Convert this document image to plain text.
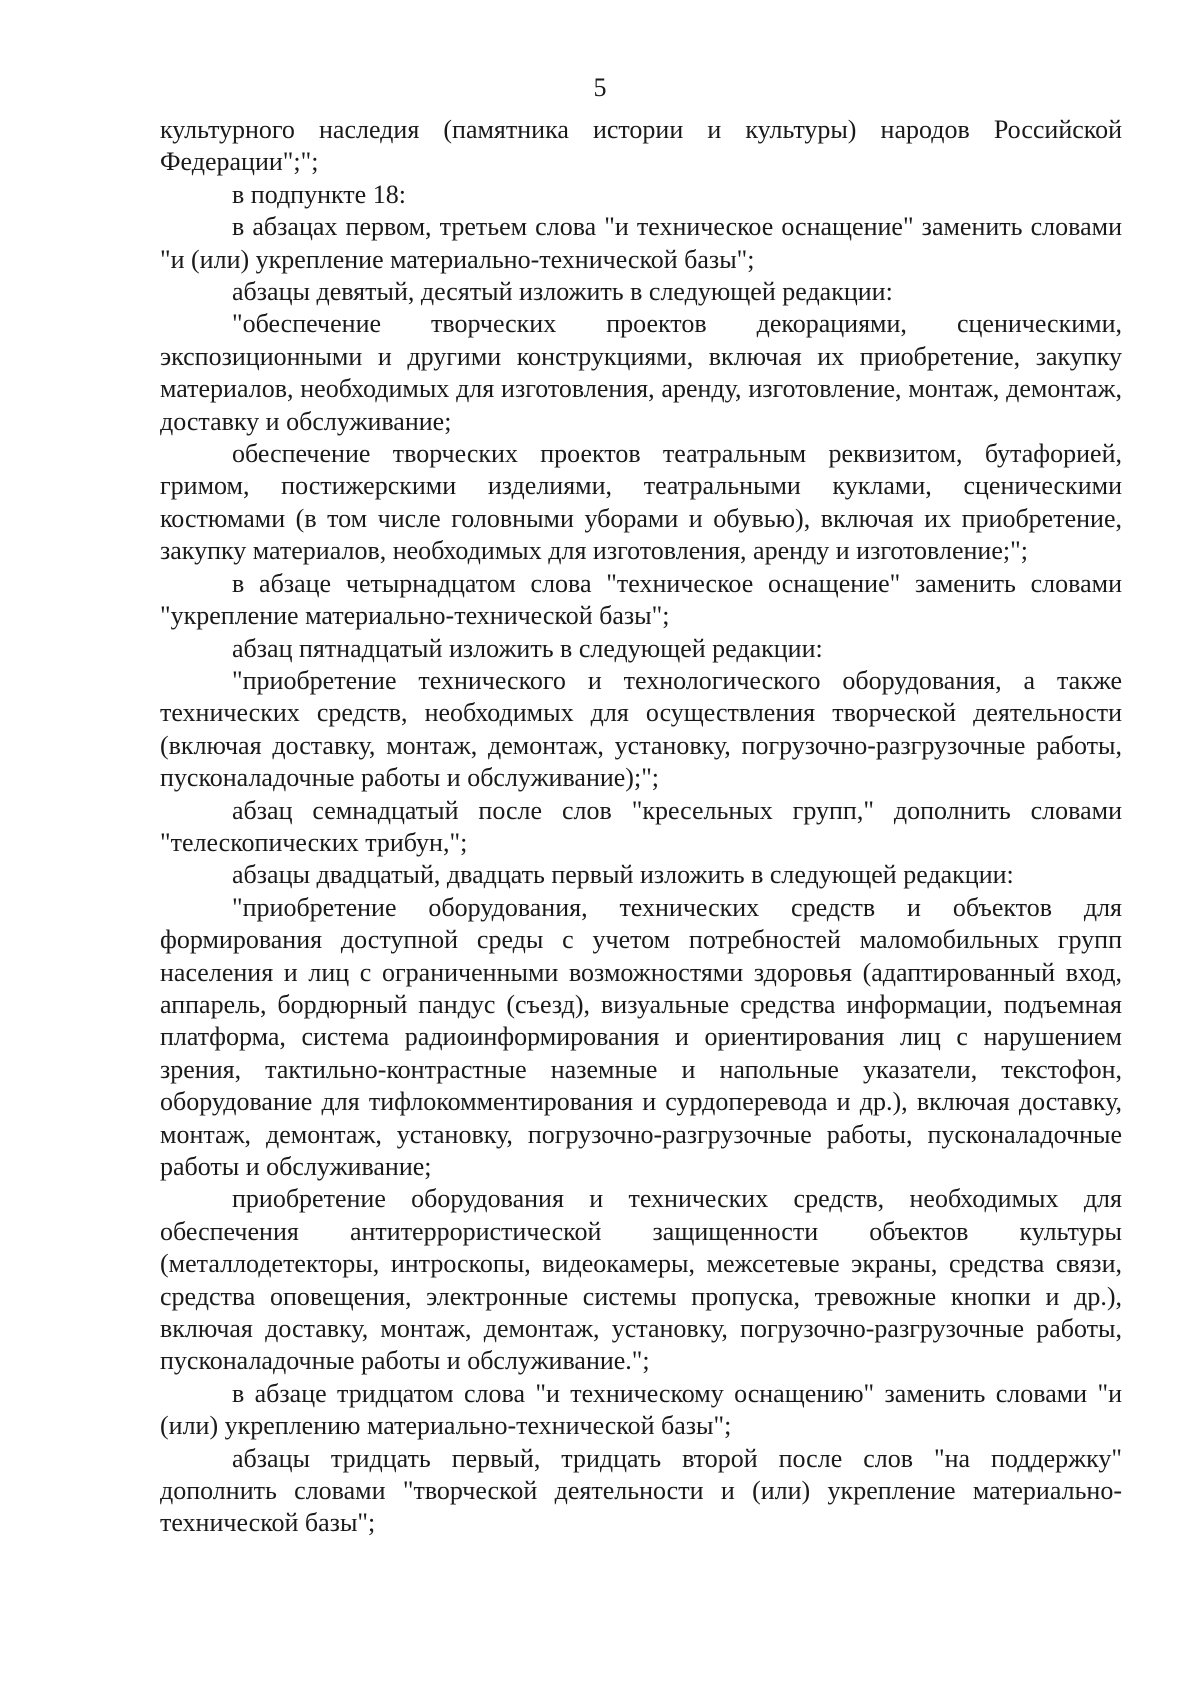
5

культурного наследия (памятника истории и культуры) народов Российской Федерации";";

в подпункте 18:

в абзацах первом, третьем слова "и техническое оснащение" заменить словами "и (или) укрепление материально-технической базы";

абзацы девятый, десятый изложить в следующей редакции:

"обеспечение творческих проектов декорациями, сценическими, экспозиционными и другими конструкциями, включая их приобретение, закупку материалов, необходимых для изготовления, аренду, изготовление, монтаж, демонтаж, доставку и обслуживание;

обеспечение творческих проектов театральным реквизитом, бутафорией, гримом, постижерскими изделиями, театральными куклами, сценическими костюмами (в том числе головными уборами и обувью), включая их приобретение, закупку материалов, необходимых для изготовления, аренду и изготовление;";

в абзаце четырнадцатом слова "техническое оснащение" заменить словами "укрепление материально-технической базы";

абзац пятнадцатый изложить в следующей редакции:

"приобретение технического и технологического оборудования, а также технических средств, необходимых для осуществления творческой деятельности (включая доставку, монтаж, демонтаж, установку, погрузочно-разгрузочные работы, пусконаладочные работы и обслуживание);";

абзац семнадцатый после слов "кресельных групп," дополнить словами "телескопических трибун,";

абзацы двадцатый, двадцать первый изложить в следующей редакции:

"приобретение оборудования, технических средств и объектов для формирования доступной среды с учетом потребностей маломобильных групп населения и лиц с ограниченными возможностями здоровья (адаптированный вход, аппарель, бордюрный пандус (съезд), визуальные средства информации, подъемная платформа, система радиоинформирования и ориентирования лиц с нарушением зрения, тактильно-контрастные наземные и напольные указатели, текстофон, оборудование для тифлокомментирования и сурдоперевода и др.), включая доставку, монтаж, демонтаж, установку, погрузочно-разгрузочные работы, пусконаладочные работы и обслуживание;

приобретение оборудования и технических средств, необходимых для обеспечения антитеррористической защищенности объектов культуры (металлодетекторы, интроскопы, видеокамеры, межсетевые экраны, средства связи, средства оповещения, электронные системы пропуска, тревожные кнопки и др.), включая доставку, монтаж, демонтаж, установку, погрузочно-разгрузочные работы, пусконаладочные работы и обслуживание.";

в абзаце тридцатом слова "и техническому оснащению" заменить словами "и (или) укреплению материально-технической базы";

абзацы тридцать первый, тридцать второй после слов "на поддержку" дополнить словами "творческой деятельности и (или) укрепление материально-технической базы";
